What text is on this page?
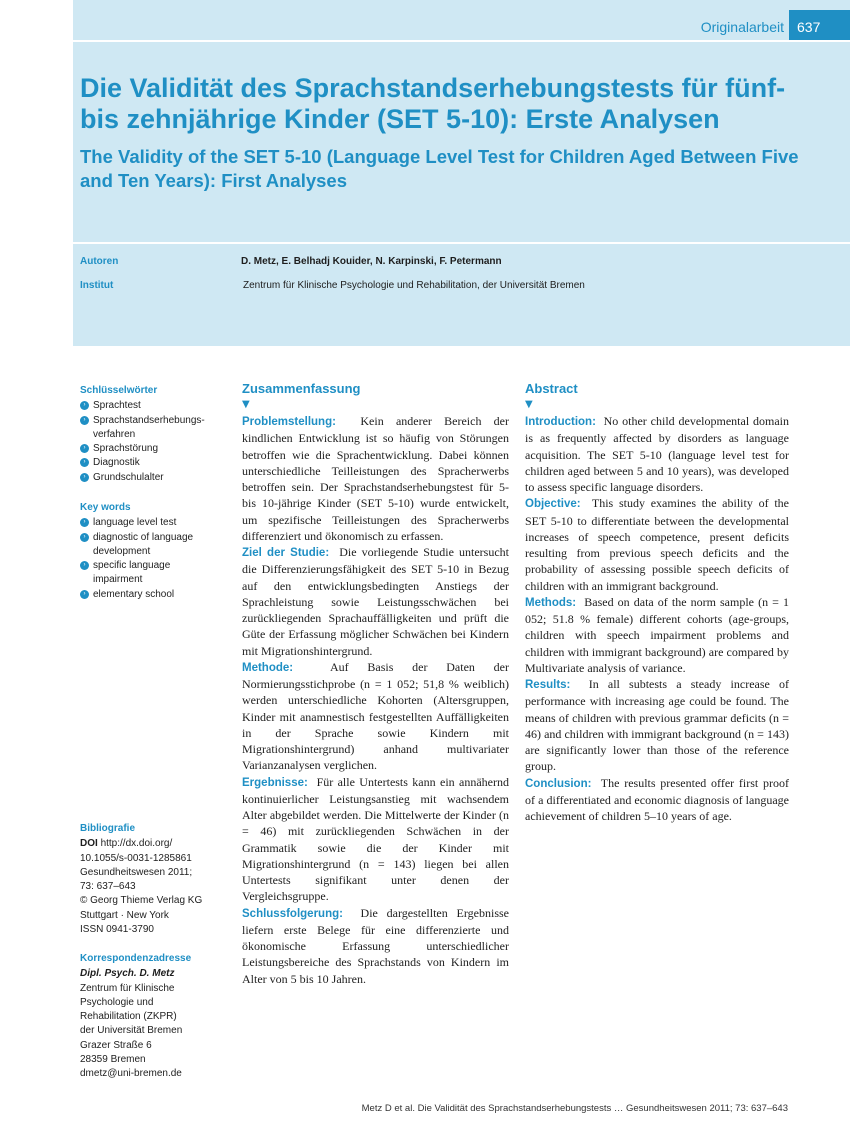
Originalarbeit 637
Die Validität des Sprachstandserhebungstests für fünf- bis zehnjährige Kinder (SET 5-10): Erste Analysen
The Validity of the SET 5-10 (Language Level Test for Children Aged Between Five and Ten Years): First Analyses
Autoren	D. Metz, E. Belhadj Kouider, N. Karpinski, F. Petermann
Institut	Zentrum für Klinische Psychologie und Rehabilitation, der Universität Bremen
Schlüsselwörter
› Sprachtest
› Sprachstandserhebungs-verfahren
› Sprachstörung
› Diagnostik
› Grundschulalter
Key words
› language level test
› diagnostic of language development
› specific language impairment
› elementary school
Bibliografie
DOI http://dx.doi.org/
10.1055/s-0031-1285861
Gesundheitswesen 2011;
73: 637–643
© Georg Thieme Verlag KG
Stuttgart · New York
ISSN 0941-3790
Korrespondenzadresse
Dipl. Psych. D. Metz
Zentrum für Klinische
Psychologie und
Rehabilitation (ZKPR)
der Universität Bremen
Grazer Straße 6
28359 Bremen
dmetz@uni-bremen.de
Zusammenfassung
▼

Problemstellung: Kein anderer Bereich der kindlichen Entwicklung ist so häufig von Störungen betroffen wie die Sprachentwicklung. Dabei können unterschiedliche Teilleistungen des Spracherwerbs betroffen sein. Der Sprachstandserhebungstest für 5- bis 10-jährige Kinder (SET 5-10) wurde entwickelt, um spezifische Teilleistungen des Spracherwerbs differenziert und ökonomisch zu erfassen.

Ziel der Studie: Die vorliegende Studie untersucht die Differenzierungsfähigkeit des SET 5-10 in Bezug auf den entwicklungsbedingten Anstiegs der Sprachleistung sowie Leistungsschwächen bei zurückliegenden Sprachauffälligkeiten und prüft die Güte der Erfassung möglicher Schwächen bei Kindern mit Migrationshintergrund.

Methode:	Auf Basis der Daten der Normierungsstichprobe (n = 1 052; 51,8 % weiblich) werden unterschiedliche Kohorten (Altersgruppen, Kinder mit anamnestisch festgestellten Auffälligkeiten in der Sprache sowie Kindern mit Migrationshintergrund) anhand multivariater Varianzanalysen verglichen.

Ergebnisse: Für alle Untertests kann ein annähernd kontinuierlicher Leistungsanstieg mit wachsendem Alter abgebildet werden. Die Mittelwerte der Kinder (n = 46) mit zurückliegenden Schwächen in der Grammatik sowie die der Kinder mit Migrationshintergrund (n = 143) liegen bei allen Untertests signifikant unter denen der Vergleichsgruppe.

Schlussfolgerung: Die dargestellten Ergebnisse liefern erste Belege für eine differenzierte und ökonomische Erfassung unterschiedlicher Leistungsbereiche des Sprachstands von Kindern im Alter von 5 bis 10 Jahren.

Abstract
▼

Introduction: No other child developmental domain is as frequently affected by disorders as language acquisition. The SET 5-10 (language level test for children aged between 5 and 10 years), was developed to assess specific language disorders.

Objective: This study examines the ability of the SET 5-10 to differentiate between the developmental increases of speech competence, present deficits resulting from previous speech deficits and the probability of assessing possible speech deficits of children with an immigrant background.

Methods: Based on data of the norm sample (n = 1 052; 51.8 % female) different cohorts (age-groups, children with speech impairment problems and children with immigrant background) are compared by Multivariate analysis of variance.

Results: In all subtests a steady increase of performance with increasing age could be found. The means of children with previous grammar deficits (n = 46) and children with immigrant background (n = 143) are significantly lower than those of the reference group.

Conclusion: The results presented offer first proof of a differentiated and economic diagnosis of language achievement of children 5–10 years of age.

Metz D et al. Die Validität des Sprachstandserhebungstests … Gesundheitswesen 2011; 73: 637–643
